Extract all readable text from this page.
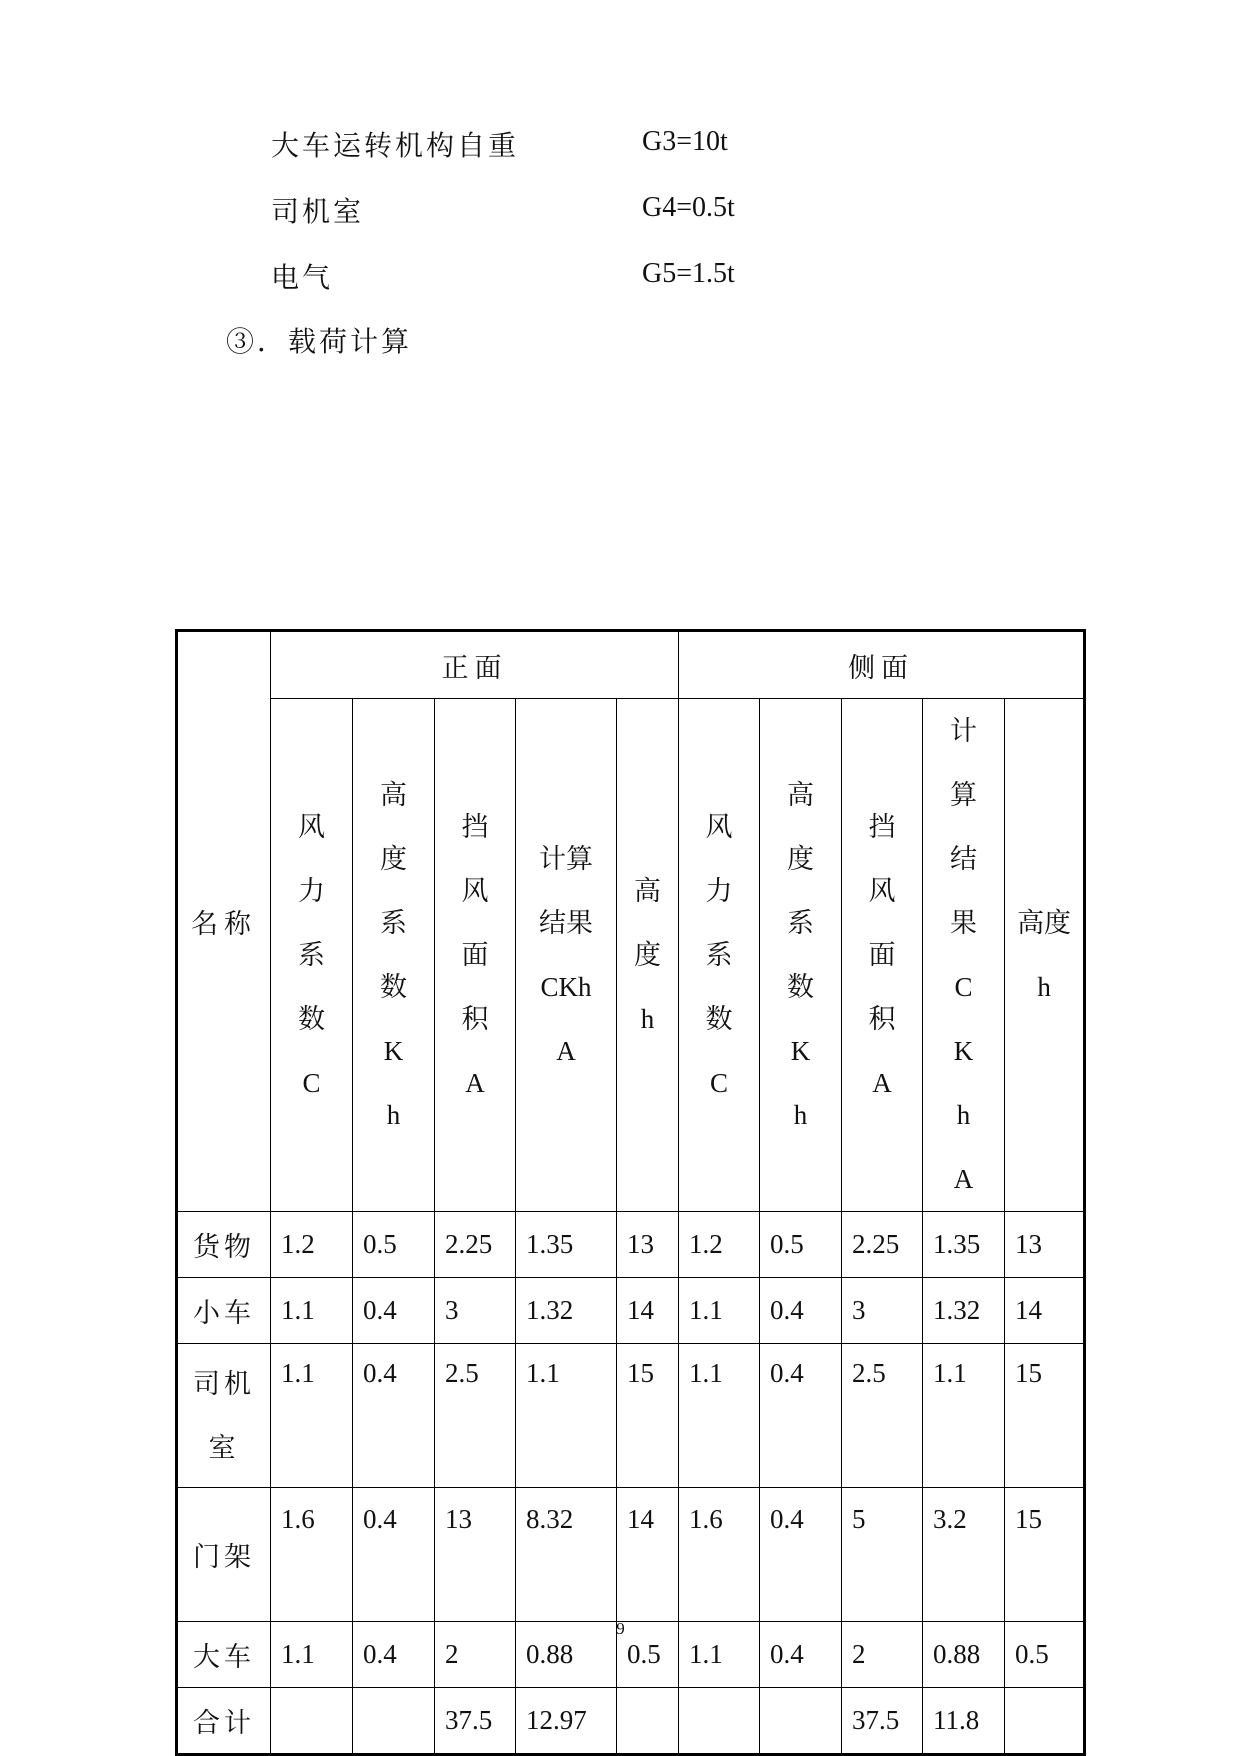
大车运转机构自重	G3=10t
司机室	G4=0.5t
电气	G5=1.5t
③．载荷计算
名称	正面					侧面				
	风力系数C	高度系数Kh	挡风面积A	计算结果CKhA	高度h	风力系数C	高度系数Kh	挡风面积A	计算结果CKhA	高度h
货物	1.2	0.5	2.25	1.35	13	1.2	0.5	2.25	1.35	13
小车	1.1	0.4	3	1.32	14	1.1	0.4	3	1.32	14
司机室	1.1	0.4	2.5	1.1	15	1.1	0.4	2.5	1.1	15
门架	1.6	0.4	13	8.32	14	1.6	0.4	5	3.2	15
大车	1.1	0.4	2	0.88	0.5	1.1	0.4	2	0.88	0.5
合计			37.5	12.97				37.5	11.8	
9
